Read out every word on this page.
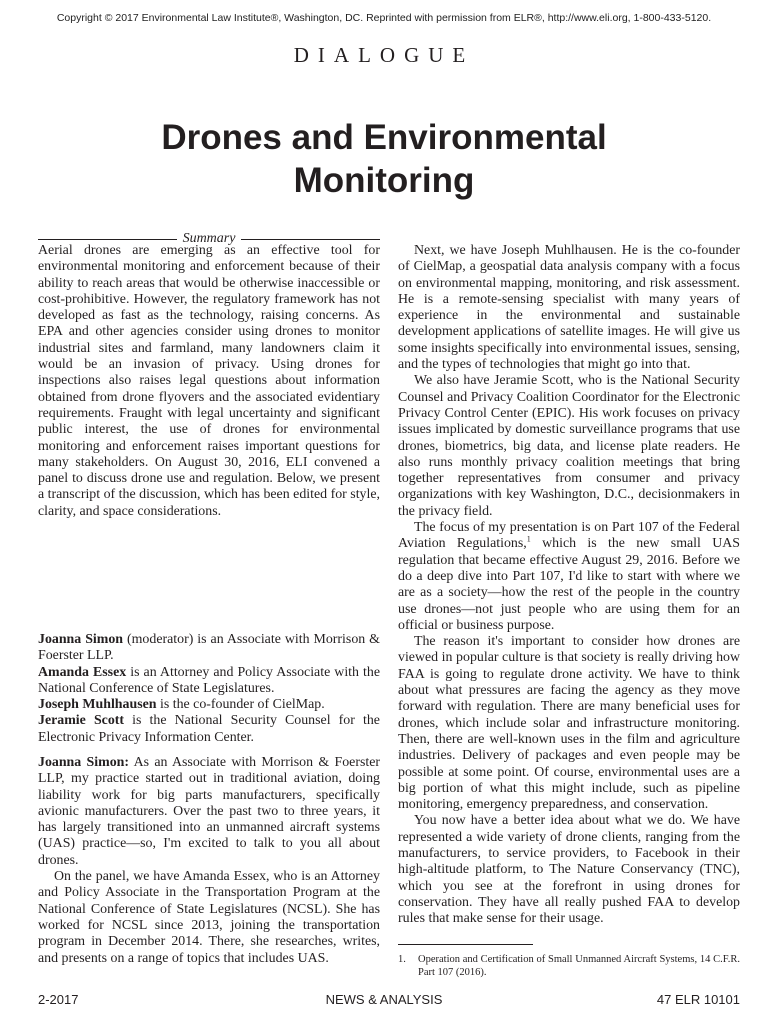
Copyright © 2017 Environmental Law Institute®, Washington, DC. Reprinted with permission from ELR®, http://www.eli.org, 1-800-433-5120.
DIALOGUE
Drones and Environmental
Monitoring
Summary

Aerial drones are emerging as an effective tool for environmental monitoring and enforcement because of their ability to reach areas that would be otherwise inaccessible or cost-prohibitive. However, the regulatory framework has not developed as fast as the technology, raising concerns. As EPA and other agencies consider using drones to monitor industrial sites and farmland, many landowners claim it would be an invasion of privacy. Using drones for inspections also raises legal questions about information obtained from drone flyovers and the associated evidentiary requirements. Fraught with legal uncertainty and significant public interest, the use of drones for environmental monitoring and enforcement raises important questions for many stakeholders. On August 30, 2016, ELI convened a panel to discuss drone use and regulation. Below, we present a transcript of the discussion, which has been edited for style, clarity, and space considerations.

Joanna Simon (moderator) is an Associate with Morrison & Foerster LLP.

Amanda Essex is an Attorney and Policy Associate with the National Conference of State Legislatures.

Joseph Muhlhausen is the co-founder of CielMap.

Jeramie Scott is the National Security Counsel for the Electronic Privacy Information Center.

Joanna Simon: As an Associate with Morrison & Foerster LLP, my practice started out in traditional aviation, doing liability work for big parts manufacturers, specifically avionic manufacturers. Over the past two to three years, it has largely transitioned into an unmanned aircraft systems (UAS) practice—so, I'm excited to talk to you all about drones.

On the panel, we have Amanda Essex, who is an Attorney and Policy Associate in the Transportation Program at the National Conference of State Legislatures (NCSL). She has worked for NCSL since 2013, joining the transportation program in December 2014. There, she researches, writes, and presents on a range of topics that includes UAS.

Next, we have Joseph Muhlhausen. He is the co-founder of CielMap, a geospatial data analysis company with a focus on environmental mapping, monitoring, and risk assessment. He is a remote-sensing specialist with many years of experience in the environmental and sustainable development applications of satellite images. He will give us some insights specifically into environmental issues, sensing, and the types of technologies that might go into that.

We also have Jeramie Scott, who is the National Security Counsel and Privacy Coalition Coordinator for the Electronic Privacy Control Center (EPIC). His work focuses on privacy issues implicated by domestic surveillance programs that use drones, biometrics, big data, and license plate readers. He also runs monthly privacy coalition meetings that bring together representatives from consumer and privacy organizations with key Washington, D.C., decisionmakers in the privacy field.

The focus of my presentation is on Part 107 of the Federal Aviation Regulations,$^1$ which is the new small UAS regulation that became effective August 29, 2016. Before we do a deep dive into Part 107, I'd like to start with where we are as a society—how the rest of the people in the country use drones—not just people who are using them for an official or business purpose.

The reason it's important to consider how drones are viewed in popular culture is that society is really driving how FAA is going to regulate drone activity. We have to think about what pressures are facing the agency as they move forward with regulation. There are many beneficial uses for drones, which include solar and infrastructure monitoring. Then, there are well-known uses in the film and agriculture industries. Delivery of packages and even people may be possible at some point. Of course, environmental uses are a big portion of what this might include, such as pipeline monitoring, emergency preparedness, and conservation.

You now have a better idea about what we do. We have represented a wide variety of drone clients, ranging from the manufacturers, to service providers, to Facebook in their high-altitude platform, to The Nature Conservancy (TNC), which you see at the forefront in using drones for conservation. They have all really pushed FAA to develop rules that make sense for their usage.

1.	Operation and Certification of Small Unmanned Aircraft Systems, 14 C.F.R. Part 107 (2016).
2-2017	NEWS & ANALYSIS	47 ELR 10101
